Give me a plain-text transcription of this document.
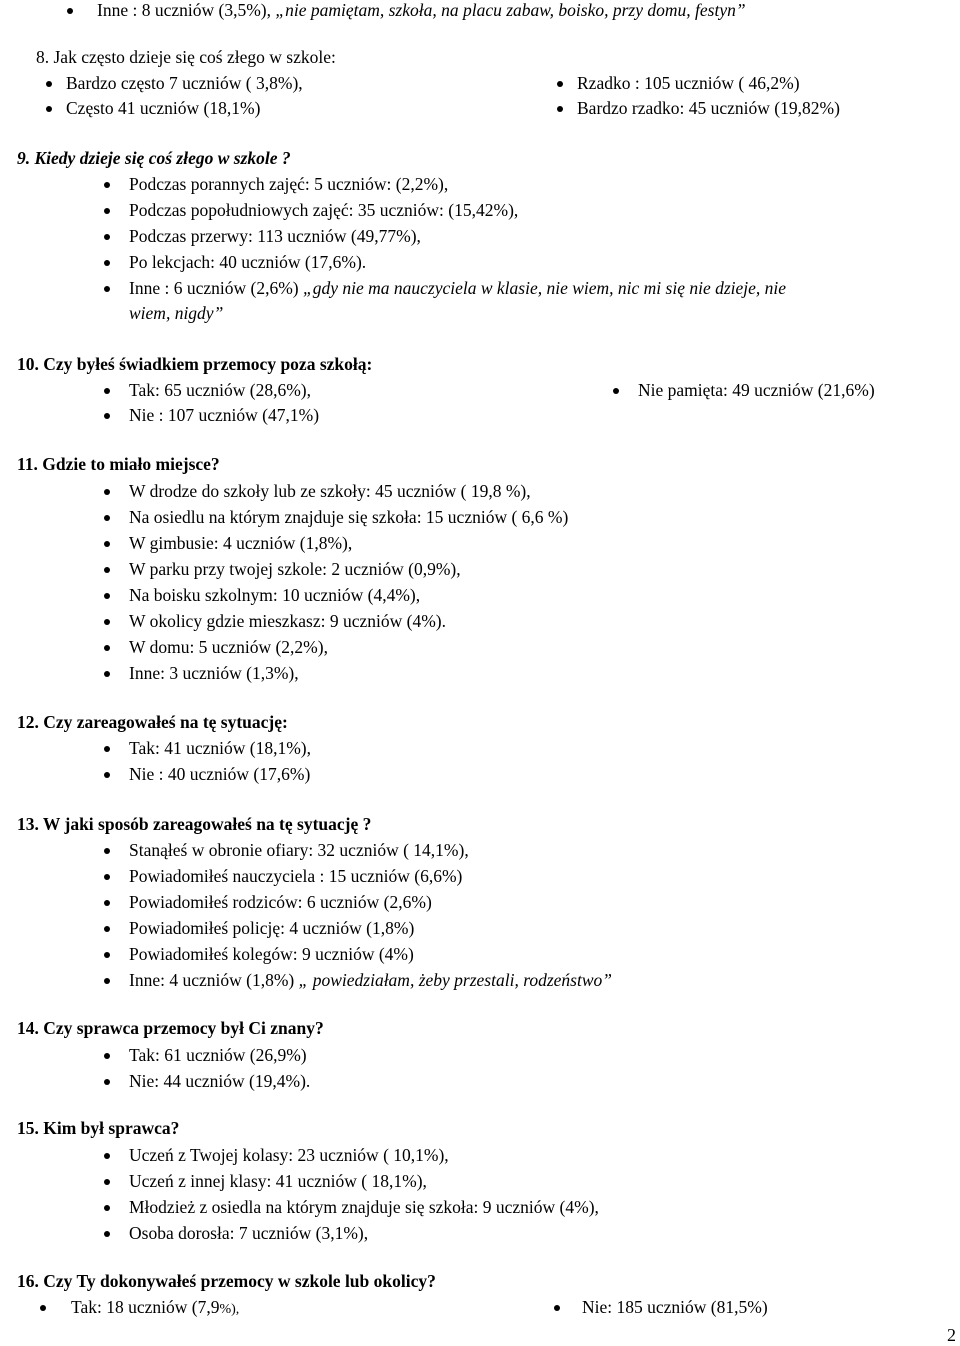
Inne : 8 uczniów (3,5%), „nie pamiętam, szkoła, na placu zabaw, boisko, przy domu, festyn”
8. Jak często dzieje się coś złego w szkole:
Bardzo często 7 uczniów ( 3,8%),
Często 41 uczniów (18,1%)
Rzadko : 105 uczniów ( 46,2%)
Bardzo rzadko: 45 uczniów (19,82%)
9. Kiedy dzieje się coś złego w szkole ?
Podczas porannych zajęć: 5 uczniów: (2,2%),
Podczas popołudniowych zajęć: 35 uczniów: (15,42%),
Podczas przerwy: 113 uczniów (49,77%),
Po lekcjach: 40 uczniów (17,6%).
Inne : 6 uczniów (2,6%) „gdy nie ma nauczyciela w klasie, nie wiem, nic mi się nie dzieje, nie
wiem, nigdy”
10. Czy byłeś świadkiem przemocy poza szkołą:
Tak: 65 uczniów (28,6%),
Nie : 107 uczniów (47,1%)
Nie pamięta: 49 uczniów (21,6%)
11. Gdzie to miało miejsce?
W drodze do szkoły lub ze szkoły: 45 uczniów ( 19,8 %),
Na osiedlu na którym znajduje się szkoła: 15 uczniów ( 6,6 %)
W gimbusie: 4 uczniów (1,8%),
W parku przy twojej szkole: 2 uczniów (0,9%),
Na boisku szkolnym: 10 uczniów (4,4%),
W okolicy gdzie mieszkasz: 9 uczniów (4%).
W domu: 5 uczniów (2,2%),
Inne: 3 uczniów (1,3%),
12. Czy zareagowałeś na tę sytuację:
Tak: 41 uczniów (18,1%),
Nie : 40 uczniów (17,6%)
13. W jaki sposób zareagowałeś na tę sytuację ?
Stanąłeś w obronie ofiary: 32 uczniów ( 14,1%),
Powiadomiłeś nauczyciela : 15 uczniów (6,6%)
Powiadomiłeś rodziców: 6 uczniów (2,6%)
Powiadomiłeś policję: 4 uczniów (1,8%)
Powiadomiłeś kolegów: 9 uczniów (4%)
Inne: 4 uczniów (1,8%) „ powiedziałam, żeby przestali, rodzeństwo”
14. Czy sprawca przemocy był Ci znany?
Tak: 61 uczniów (26,9%)
Nie: 44 uczniów (19,4%).
15. Kim był sprawca?
Uczeń z Twojej kolasy: 23 uczniów ( 10,1%),
Uczeń z innej klasy: 41 uczniów ( 18,1%),
Młodzież z osiedla na którym znajduje się szkoła: 9 uczniów (4%),
Osoba dorosła: 7 uczniów (3,1%),
16. Czy Ty dokonywałeś przemocy w szkole lub okolicy?
Tak: 18 uczniów (7,9%),	Nie: 185 uczniów (81,5%)
2
